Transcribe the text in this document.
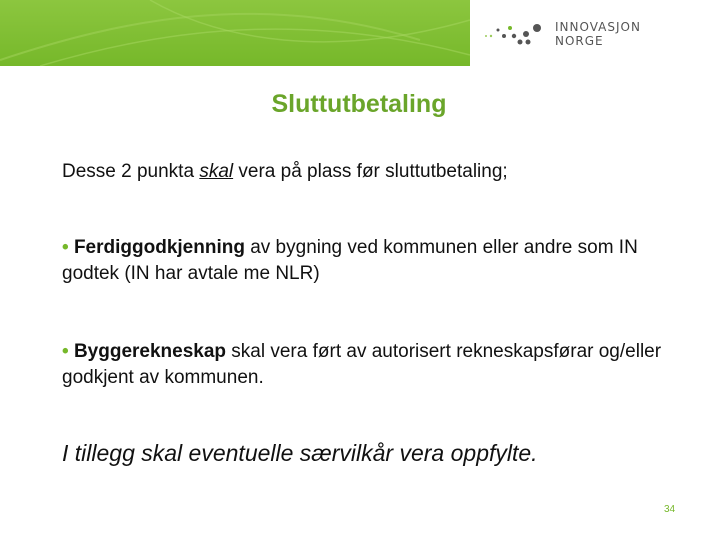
INNOVASJON
NORGE
Sluttutbetaling
Desse 2 punkta skal vera på plass før sluttutbetaling;
• Ferdiggodkjenning av bygning ved kommunen eller andre som IN godtek (IN har avtale me NLR)
• Byggerekneskap skal vera ført av autorisert rekneskapsførar og/eller godkjent av kommunen.
I tillegg skal eventuelle særvilkår vera oppfylte.
34
